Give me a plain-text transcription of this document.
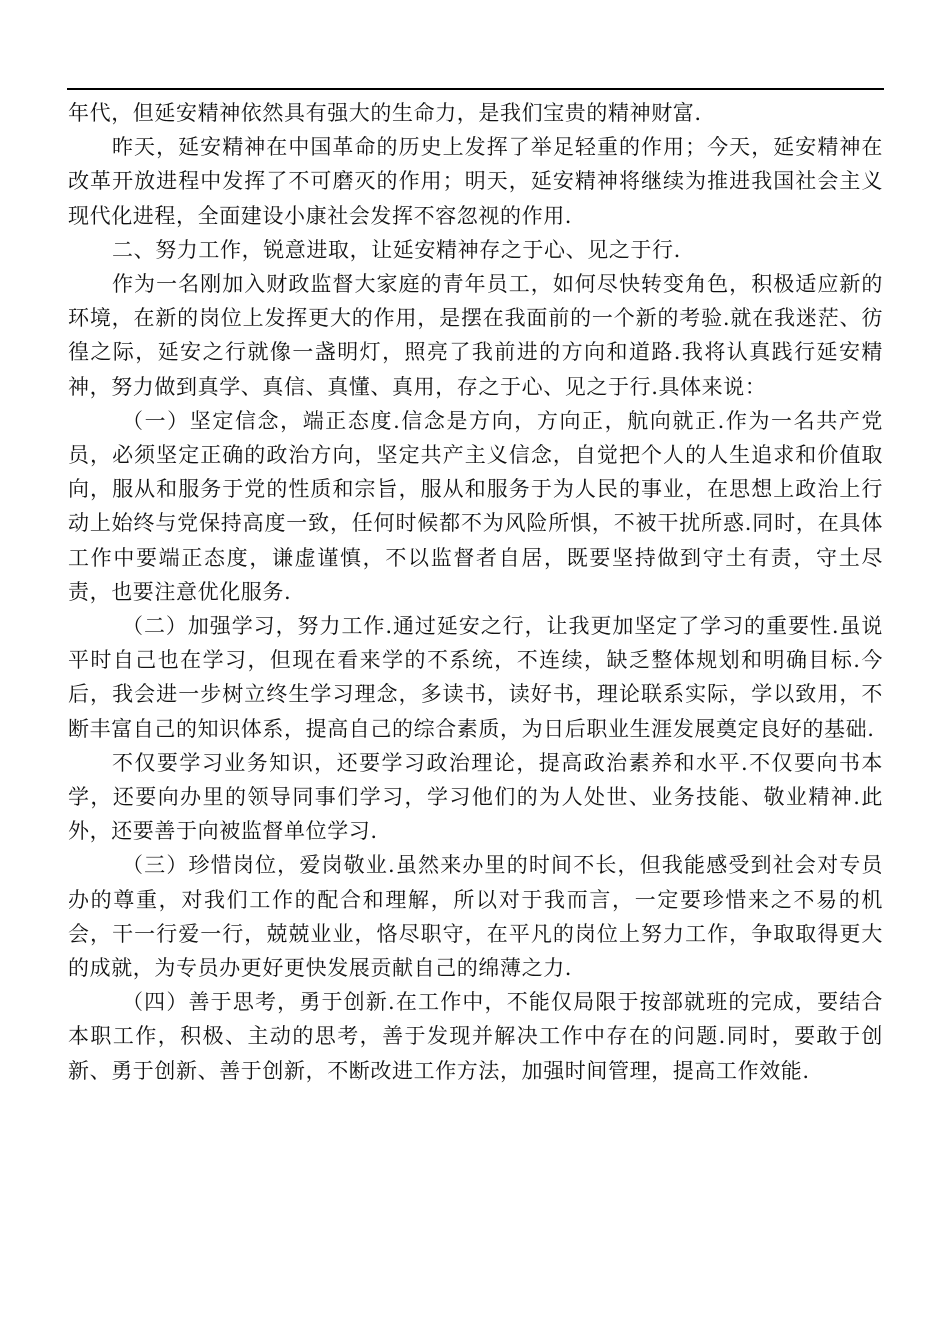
年代，但延安精神依然具有强大的生命力，是我们宝贵的精神财富.

昨天，延安精神在中国革命的历史上发挥了举足轻重的作用；今天，延安精神在改革开放进程中发挥了不可磨灭的作用；明天，延安精神将继续为推进我国社会主义现代化进程，全面建设小康社会发挥不容忽视的作用.

二、努力工作，锐意进取，让延安精神存之于心、见之于行.

作为一名刚加入财政监督大家庭的青年员工，如何尽快转变角色，积极适应新的环境，在新的岗位上发挥更大的作用，是摆在我面前的一个新的考验.就在我迷茫、彷徨之际，延安之行就像一盏明灯，照亮了我前进的方向和道路.我将认真践行延安精神，努力做到真学、真信、真懂、真用，存之于心、见之于行.具体来说：

（一）坚定信念，端正态度.信念是方向，方向正，航向就正.作为一名共产党员，必须坚定正确的政治方向，坚定共产主义信念，自觉把个人的人生追求和价值取向，服从和服务于党的性质和宗旨，服从和服务于为人民的事业，在思想上政治上行动上始终与党保持高度一致，任何时候都不为风险所惧，不被干扰所惑.同时，在具体工作中要端正态度，谦虚谨慎，不以监督者自居，既要坚持做到守土有责，守土尽责，也要注意优化服务.

（二）加强学习，努力工作.通过延安之行，让我更加坚定了学习的重要性.虽说平时自己也在学习，但现在看来学的不系统，不连续，缺乏整体规划和明确目标.今后，我会进一步树立终生学习理念，多读书，读好书，理论联系实际，学以致用，不断丰富自己的知识体系，提高自己的综合素质，为日后职业生涯发展奠定良好的基础.

不仅要学习业务知识，还要学习政治理论，提高政治素养和水平.不仅要向书本学，还要向办里的领导同事们学习，学习他们的为人处世、业务技能、敬业精神.此外，还要善于向被监督单位学习.

（三）珍惜岗位，爱岗敬业.虽然来办里的时间不长，但我能感受到社会对专员办的尊重，对我们工作的配合和理解，所以对于我而言，一定要珍惜来之不易的机会，干一行爱一行，兢兢业业，恪尽职守，在平凡的岗位上努力工作，争取取得更大的成就，为专员办更好更快发展贡献自己的绵薄之力.

（四）善于思考，勇于创新.在工作中，不能仅局限于按部就班的完成，要结合本职工作，积极、主动的思考，善于发现并解决工作中存在的问题.同时，要敢于创新、勇于创新、善于创新，不断改进工作方法，加强时间管理，提高工作效能.
